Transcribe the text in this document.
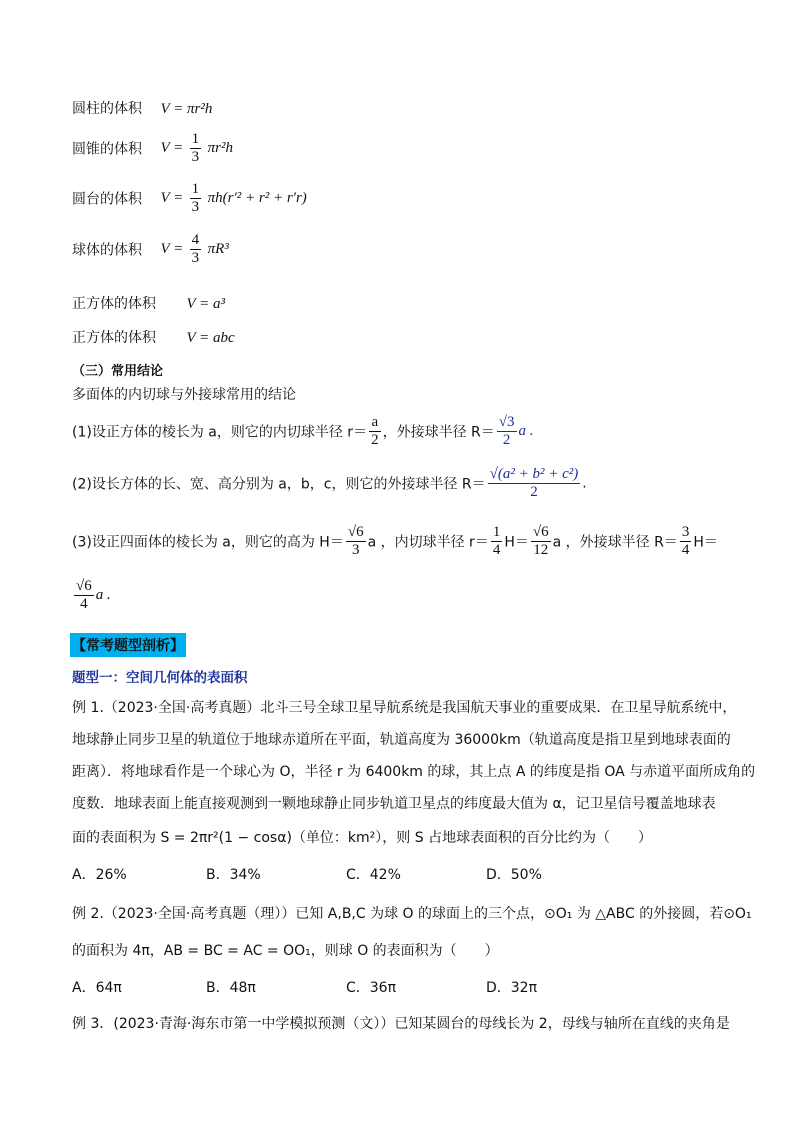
圆柱的体积 V = πr²h
圆锥的体积 $V = \frac{1}{3} \pi r^2h$
圆台的体积 $V = \frac{1}{3} \pi h(r'^2 + r^2 + r'r)$
球体的体积 $V = \frac{4}{3} \pi R^3$
正方体的体积 V = a³
正方体的体积 V = abc
（三）常用结论
多面体的内切球与外接球常用的结论
(1)设正方体的棱长为 a，则它的内切球半径 $r= \frac{a}{2}$ ，外接球半径 $R= \frac{√3}{2}$ a .
(2)设长方体的长、宽、高分别为 a，b，c，则它的外接球半径 $R= \frac{\text{√(a² + b² + c²)}}{2}$ .
(3)设正四面体的棱长为 a，则它的高为 $H= \frac{√6}{3}$ a ，内切球半径 $r= \frac{1}{4} H= \frac{√6}{12}$ a ，外接球半径 $R= \frac{3}{4} H=$
$\frac{√6}{4}$ a .
【常考题型剖析】
题型一：空间几何体的表面积
例 1.（2023·全国·高考真题）北斗三号全球卫星导航系统是我国航天事业的重要成果．在卫星导航系统中，
地球静止同步卫星的轨道位于地球赤道所在平面，轨道高度为 36000km（轨道高度是指卫星到地球表面的
距离）．将地球看作是一个球心为 O，半径 r 为 6400km 的球，其上点 A 的纬度是指 OA 与赤道平面所成角的
度数．地球表面上能直接观测到一颗地球静止同步轨道卫星点的纬度最大值为 α，记卫星信号覆盖地球表
面的表面积为 S = 2πr²(1 − cosα)（单位：km²），则 S 占地球表面积的百分比约为（　　）
A．26%	B．34%	C．42%	D．50%
例 2.（2023·全国·高考真题（理））已知 A,B,C 为球 O 的球面上的三个点，⊙O₁ 为 △ABC 的外接圆，若⊙O₁
的面积为 4π，AB = BC = AC = OO₁，则球 O 的表面积为（　　）
A．64π	B．48π	C．36π	D．32π
例 3．(2023·青海·海东市第一中学模拟预测（文））已知某圆台的母线长为 2，母线与轴所在直线的夹角是
